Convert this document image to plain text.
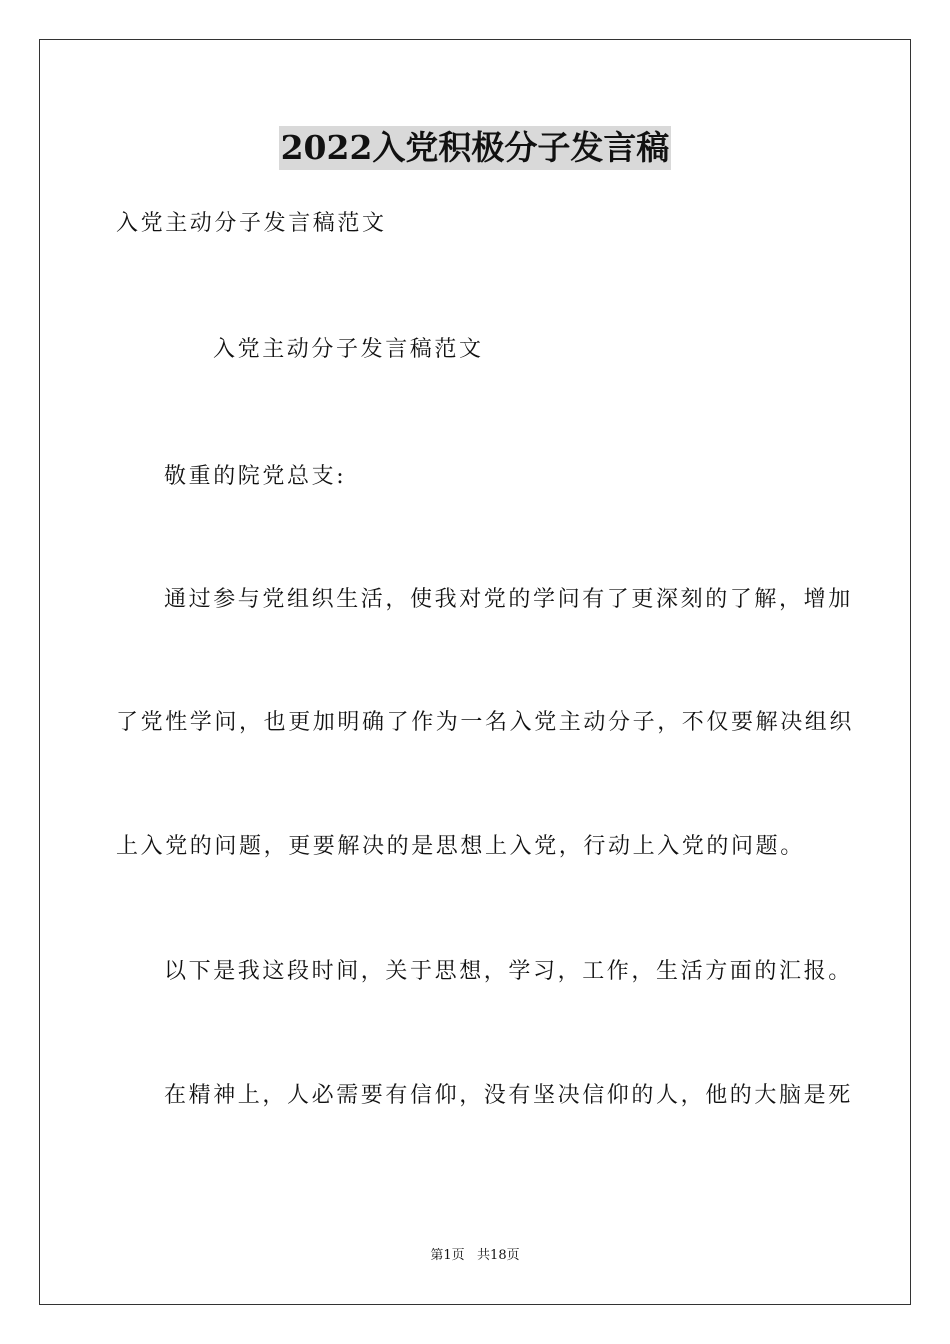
2022入党积极分子发言稿
入党主动分子发言稿范文
入党主动分子发言稿范文
敬重的院党总支:
通过参与党组织生活，使我对党的学问有了更深刻的了解，增加
了党性学问，也更加明确了作为一名入党主动分子，不仅要解决组织
上入党的问题，更要解决的是思想上入党，行动上入党的问题。
以下是我这段时间，关于思想，学习，工作，生活方面的汇报。
在精神上，人必需要有信仰，没有坚决信仰的人，他的大脑是死
第1页   共18页
